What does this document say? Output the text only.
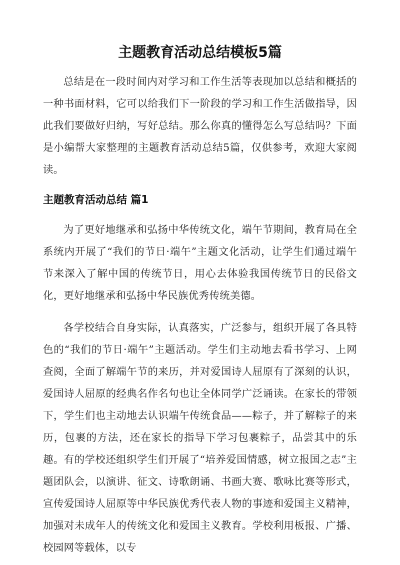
主题教育活动总结模板5篇

总结是在一段时间内对学习和工作生活等表现加以总结和概括的一种书面材料，它可以给我们下一阶段的学习和工作生活做指导，因此我们要做好归纳，写好总结。那么你真的懂得怎么写总结吗？下面是小编帮大家整理的主题教育活动总结5篇，仅供参考，欢迎大家阅读。

主题教育活动总结 篇1

为了更好地继承和弘扬中华传统文化，端午节期间，教育局在全系统内开展了“我们的节日·端午”主题文化活动，让学生们通过端午节来深入了解中国的传统节日，用心去体验我国传统节日的民俗文化，更好地继承和弘扬中华民族优秀传统美德。

各学校结合自身实际，认真落实，广泛参与，组织开展了各具特色的“我们的节日·端午”主题活动。学生们主动地去看书学习、上网查阅，全面了解端午节的来历，并对爱国诗人屈原有了深刻的认识，爱国诗人屈原的经典名作名句也让全体同学广泛诵读。在家长的带领下，学生们也主动地去认识端午传统食品——粽子，并了解粽子的来历，包裹的方法，还在家长的指导下学习包裹粽子，品尝其中的乐趣。有的学校还组织学生们开展了“培养爱国情感，树立报国之志”主题团队会，以演讲、征文、诗歌朗诵、书画大赛、歌咏比赛等形式，宣传爱国诗人屈原等中华民族优秀代表人物的事迹和爱国主义精神，加强对未成年人的传统文化和爱国主义教育。学校利用板报、广播、校园网等载体，以专
